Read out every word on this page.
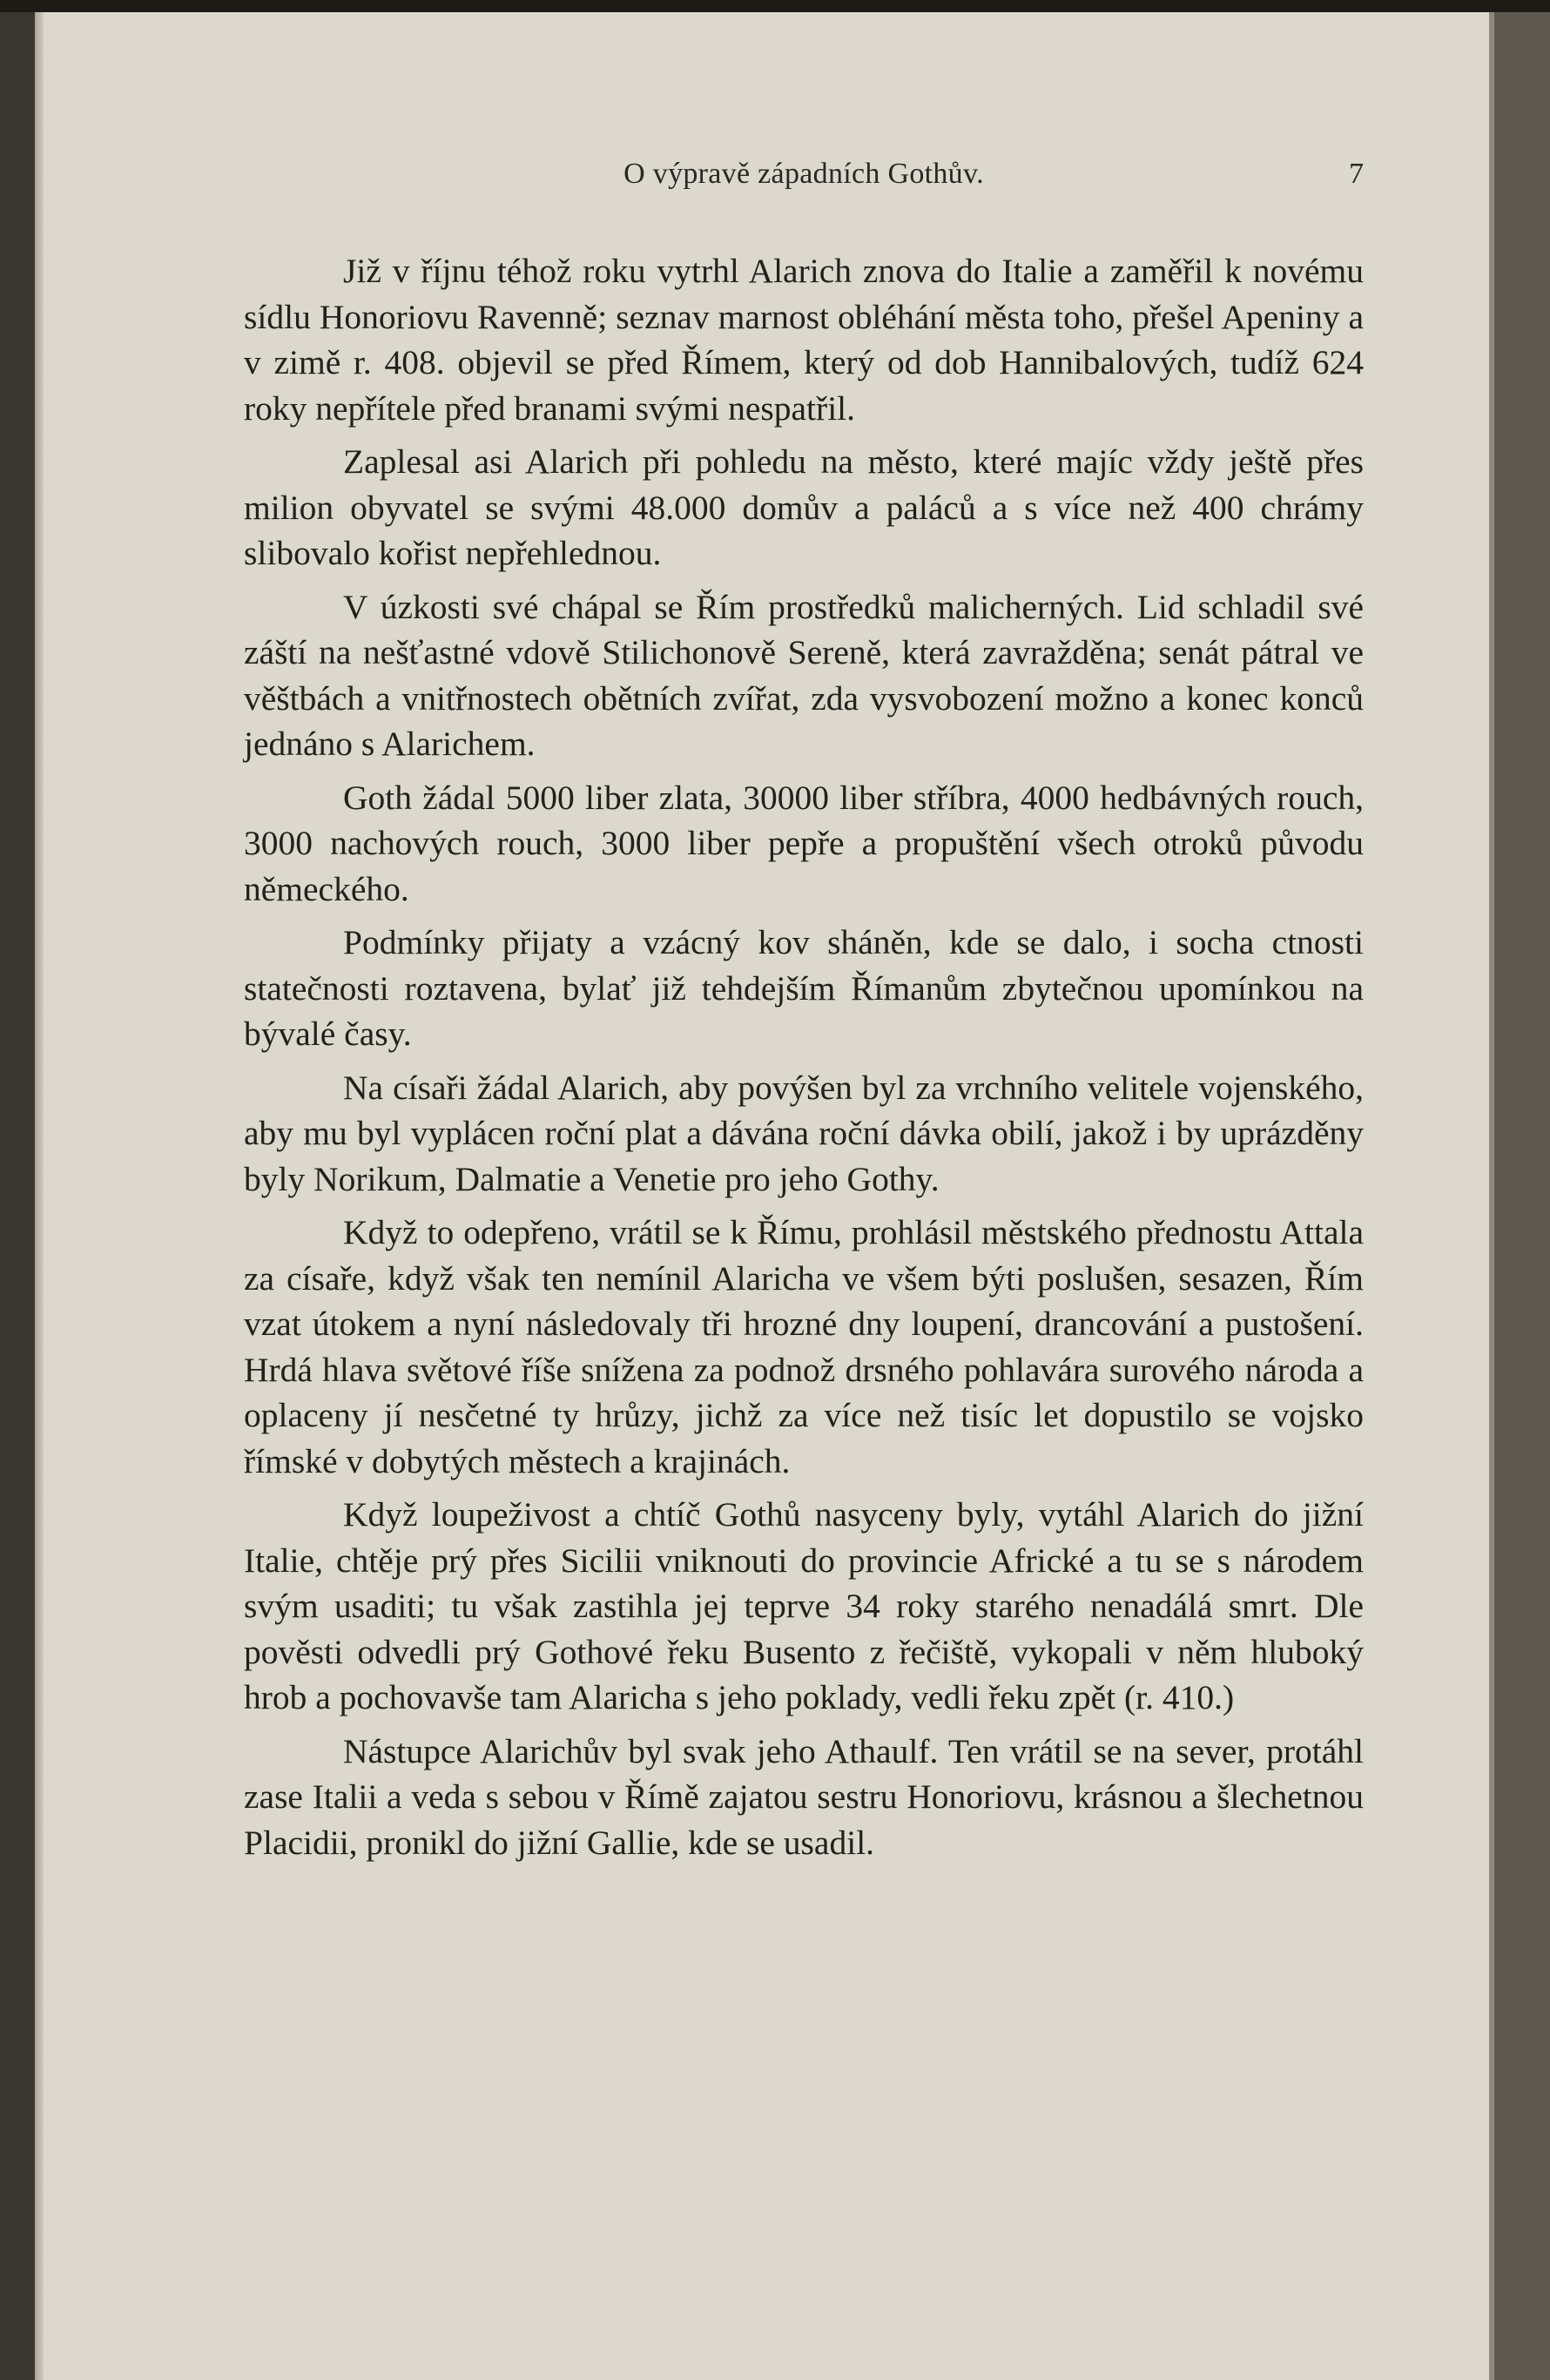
O výpravě západních Gothův.	7

Již v říjnu téhož roku vytrhl Alarich znova do Italie a zaměřil k novému sídlu Honoriovu Ravenně; seznav marnost obléhání města toho, přešel Apeniny a v zimě r. 408. objevil se před Římem, který od dob Hannibalových, tudíž 624 roky nepřítele před branami svými nespatřil.

Zaplesal asi Alarich při pohledu na město, které majíc vždy ještě přes milion obyvatel se svými 48.000 domův a paláců a s více než 400 chrámy slibovalo kořist nepřehlednou.

V úzkosti své chápal se Řím prostředků malicherných. Lid schladil své záští na nešťastné vdově Stilichonově Sereně, která zavražděna; senát pátral ve věštbách a vnitřnostech obětních zvířat, zda vysvobození možno a konec konců jednáno s Alarichem.

Goth žádal 5000 liber zlata, 30000 liber stříbra, 4000 hedbávných rouch, 3000 nachových rouch, 3000 liber pepře a propuštění všech otroků původu německého.

Podmínky přijaty a vzácný kov sháněn, kde se dalo, i socha ctnosti statečnosti roztavena, bylať již tehdejším Římanům zbytečnou upomínkou na bývalé časy.

Na císaři žádal Alarich, aby povýšen byl za vrchního velitele vojenského, aby mu byl vyplácen roční plat a dávána roční dávka obilí, jakož i by uprázděny byly Norikum, Dalmatie a Venetie pro jeho Gothy.

Když to odepřeno, vrátil se k Římu, prohlásil městského přednostu Attala za císaře, když však ten nemínil Alaricha ve všem býti poslušen, sesazen, Řím vzat útokem a nyní následovaly tři hrozné dny loupení, drancování a pustošení. Hrdá hlava světové říše snížena za podnož drsného pohlavára surového národa a oplaceny jí nesčetné ty hrůzy, jichž za více než tisíc let dopustilo se vojsko římské v dobytých městech a krajinách.

Když loupeživost a chtíč Gothů nasyceny byly, vytáhl Alarich do jižní Italie, chtěje prý přes Sicilii vniknouti do provincie Africké a tu se s národem svým usaditi; tu však zastihla jej teprve 34 roky starého nenadálá smrt. Dle pověsti odvedli prý Gothové řeku Busento z řečiště, vykopali v něm hluboký hrob a pochovavše tam Alaricha s jeho poklady, vedli řeku zpět (r. 410.)

Nástupce Alarichův byl svak jeho Athaulf. Ten vrátil se na sever, protáhl zase Italii a veda s sebou v Římě zajatou sestru Honoriovu, krásnou a šlechetnou Placidii, pronikl do jižní Gallie, kde se usadil.
